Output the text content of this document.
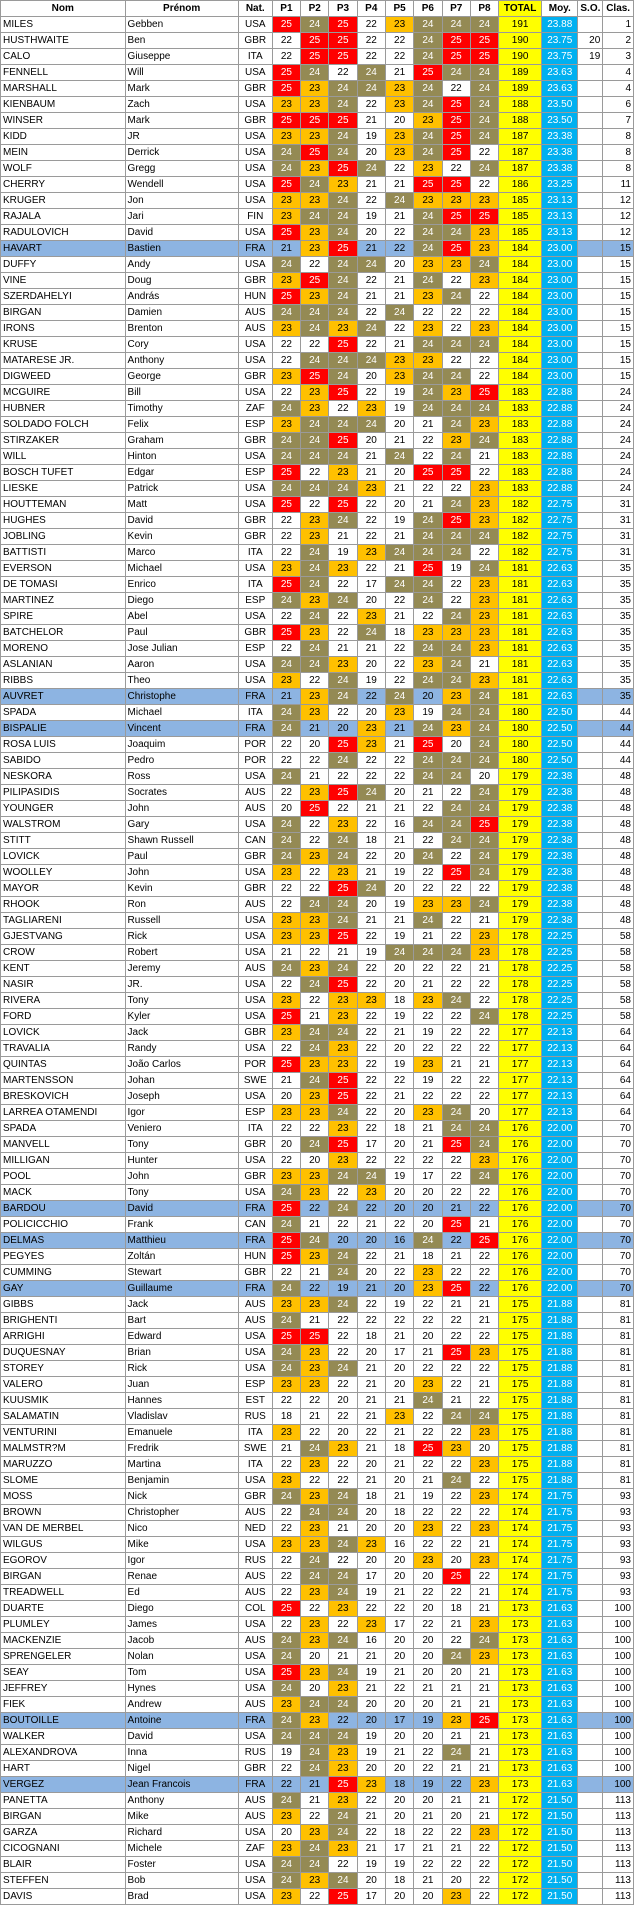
Nom	Prénom	Nat.	P1	P2	P3	P4	P5	P6	P7	P8	TOTAL	Moy.	S.O.	Clas.
MILES	Gebben	USA	25	24	25	22	23	24	24	24	191	23.88		1
HUSTHWAITE	Ben	GBR	22	25	25	22	22	24	25	25	190	23.75	20	2
CALO	Giuseppe	ITA	22	25	25	22	22	24	25	25	190	23.75	19	3
FENNELL	Will	USA	25	24	22	24	21	25	24	24	189	23.63		4
MARSHALL	Mark	GBR	25	23	24	24	23	24	22	24	189	23.63		4
KIENBAUM	Zach	USA	23	23	24	22	23	24	25	24	188	23.50		6
WINSER	Mark	GBR	25	25	25	21	20	23	25	24	188	23.50		7
KIDD	JR	USA	23	23	24	19	23	24	25	24	187	23.38		8
MEIN	Derrick	USA	24	25	24	20	23	24	25	22	187	23.38		8
WOLF	Gregg	USA	24	23	25	24	22	23	22	24	187	23.38		8
CHERRY	Wendell	USA	25	24	23	21	21	25	25	22	186	23.25		11
KRUGER	Jon	USA	23	23	24	22	24	23	23	23	185	23.13		12
RAJALA	Jari	FIN	23	24	24	19	21	24	25	25	185	23.13		12
RADULOVICH	David	USA	25	23	24	20	22	24	24	23	185	23.13		12
HAVART	Bastien	FRA	21	23	25	21	22	24	25	23	184	23.00		15
DUFFY	Andy	USA	24	22	24	24	20	23	23	24	184	23.00		15
VINE	Doug	GBR	23	25	24	22	21	24	22	23	184	23.00		15
SZERDAHELYI	András	HUN	25	23	24	21	21	23	24	22	184	23.00		15
BIRGAN	Damien	AUS	24	24	24	22	24	22	22	22	184	23.00		15
IRONS	Brenton	AUS	23	24	23	24	22	23	22	23	184	23.00		15
KRUSE	Cory	USA	22	22	25	22	21	24	24	24	184	23.00		15
MATARESE JR.	Anthony	USA	22	24	24	24	23	23	22	22	184	23.00		15
DIGWEED	George	GBR	23	25	24	20	23	24	24	22	184	23.00		15
MCGUIRE	Bill	USA	22	23	25	22	19	24	23	25	183	22.88		24
HUBNER	Timothy	ZAF	24	23	22	23	19	24	24	24	183	22.88		24
SOLDADO FOLCH	Felix	ESP	23	24	24	24	20	21	24	23	183	22.88		24
STIRZAKER	Graham	GBR	24	24	25	20	21	22	23	24	183	22.88		24
WILL	Hinton	USA	24	24	24	21	24	22	24	21	183	22.88		24
BOSCH TUFET	Edgar	ESP	25	22	23	21	20	25	25	22	183	22.88		24
LIESKE	Patrick	USA	24	24	24	23	21	22	22	23	183	22.88		24
HOUTTEMAN	Matt	USA	25	22	25	22	20	21	24	23	182	22.75		31
HUGHES	David	GBR	22	23	24	22	19	24	25	23	182	22.75		31
JOBLING	Kevin	GBR	22	23	21	22	21	24	24	24	182	22.75		31
BATTISTI	Marco	ITA	22	24	19	23	24	24	24	22	182	22.75		31
EVERSON	Michael	USA	23	24	23	22	21	25	19	24	181	22.63		35
DE TOMASI	Enrico	ITA	25	24	22	17	24	24	22	23	181	22.63		35
MARTINEZ	Diego	ESP	24	23	24	20	22	24	22	23	181	22.63		35
SPIRE	Abel	USA	22	24	22	23	21	22	24	23	181	22.63		35
BATCHELOR	Paul	GBR	25	23	22	24	18	23	23	23	181	22.63		35
MORENO	Jose Julian	ESP	22	24	21	21	22	24	24	23	181	22.63		35
ASLANIAN	Aaron	USA	24	24	23	20	22	23	24	21	181	22.63		35
RIBBS	Theo	USA	23	22	24	19	22	24	24	23	181	22.63		35
AUVRET	Christophe	FRA	21	23	24	22	24	20	23	24	181	22.63		35
SPADA	Michael	ITA	24	23	22	20	23	19	24	24	180	22.50		44
BISPALIE	Vincent	FRA	24	21	20	23	21	24	23	24	180	22.50		44
ROSA LUIS	Joaquim	POR	22	20	25	23	21	25	20	24	180	22.50		44
SABIDO	Pedro	POR	22	22	24	22	22	24	24	24	180	22.50		44
NESKORA	Ross	USA	24	21	22	22	22	24	24	20	179	22.38		48
PILIPASIDIS	Socrates	AUS	22	23	25	24	20	21	22	24	179	22.38		48
YOUNGER	John	AUS	20	25	22	21	21	22	24	24	179	22.38		48
WALSTROM	Gary	USA	24	22	23	22	16	24	24	25	179	22.38		48
STITT	Shawn Russell	CAN	24	22	24	18	21	22	24	24	179	22.38		48
LOVICK	Paul	GBR	24	23	24	22	20	24	22	24	179	22.38		48
WOOLLEY	John	USA	23	22	23	21	19	22	25	24	179	22.38		48
MAYOR	Kevin	GBR	22	22	25	24	20	22	22	22	179	22.38		48
RHOOK	Ron	AUS	22	24	24	20	19	23	23	24	179	22.38		48
TAGLIARENI	Russell	USA	23	23	24	21	21	24	22	21	179	22.38		48
GJESTVANG	Rick	USA	23	23	25	22	19	21	22	23	178	22.25		58
CROW	Robert	USA	21	22	21	19	24	24	24	23	178	22.25		58
KENT	Jeremy	AUS	24	23	24	22	20	22	22	21	178	22.25		58
NASIR	JR.	USA	22	24	25	22	20	21	22	22	178	22.25		58
RIVERA	Tony	USA	23	22	23	23	18	23	24	22	178	22.25		58
FORD	Kyler	USA	25	21	23	22	19	22	22	24	178	22.25		58
LOVICK	Jack	GBR	23	24	24	22	21	19	22	22	177	22.13		64
TRAVALIA	Randy	USA	22	24	23	22	20	22	22	22	177	22.13		64
QUINTAS	João Carlos	POR	25	23	23	22	19	23	21	21	177	22.13		64
MARTENSSON	Johan	SWE	21	24	25	22	22	19	22	22	177	22.13		64
BRESKOVICH	Joseph	USA	20	23	25	22	21	22	22	22	177	22.13		64
LARREA OTAMENDI	Igor	ESP	23	23	24	22	20	23	24	20	177	22.13		64
SPADA	Veniero	ITA	22	22	23	22	18	21	24	24	176	22.00		70
MANVELL	Tony	GBR	20	24	25	17	20	21	25	24	176	22.00		70
MILLIGAN	Hunter	USA	22	20	23	22	22	22	22	23	176	22.00		70
POOL	John	GBR	23	23	24	24	19	17	22	24	176	22.00		70
MACK	Tony	USA	24	23	22	23	20	20	22	22	176	22.00		70
BARDOU	David	FRA	25	22	24	22	20	20	21	22	176	22.00		70
POLICICCHIO	Frank	CAN	24	21	22	21	22	20	25	21	176	22.00		70
DELMAS	Matthieu	FRA	25	24	20	20	16	24	22	25	176	22.00		70
PEGYES	Zoltán	HUN	25	23	24	22	21	18	21	22	176	22.00		70
CUMMING	Stewart	GBR	22	21	24	20	22	23	22	22	176	22.00		70
GAY	Guillaume	FRA	24	22	19	21	20	23	25	22	176	22.00		70
GIBBS	Jack	AUS	23	23	24	22	19	22	21	21	175	21.88		81
BRIGHENTI	Bart	AUS	24	21	22	22	22	22	22	21	175	21.88		81
ARRIGHI	Edward	USA	25	25	22	18	21	20	22	22	175	21.88		81
DUQUESNAY	Brian	USA	24	23	22	20	17	21	25	23	175	21.88		81
STOREY	Rick	USA	24	23	24	21	20	22	22	22	175	21.88		81
VALERO	Juan	ESP	23	23	22	21	20	23	22	21	175	21.88		81
KUUSMIK	Hannes	EST	22	22	20	21	21	24	21	22	175	21.88		81
SALAMATIN	Vladislav	RUS	18	21	22	21	23	22	24	24	175	21.88		81
VENTURINI	Emanuele	ITA	23	22	20	22	21	22	22	23	175	21.88		81
MALMSTR?M	Fredrik	SWE	21	24	23	21	18	25	23	20	175	21.88		81
MARUZZO	Martina	ITA	22	23	22	20	21	22	22	23	175	21.88		81
SLOME	Benjamin	USA	23	22	22	21	20	21	24	22	175	21.88		81
MOSS	Nick	GBR	24	23	24	18	21	19	22	23	174	21.75		93
BROWN	Christopher	AUS	22	24	24	20	18	22	22	22	174	21.75		93
VAN DE MERBEL	Nico	NED	22	23	21	20	20	23	22	23	174	21.75		93
WILGUS	Mike	USA	23	23	24	23	16	22	22	21	174	21.75		93
EGOROV	Igor	RUS	22	24	22	20	20	23	20	23	174	21.75		93
BIRGAN	Renae	AUS	22	24	24	17	20	20	25	22	174	21.75		93
TREADWELL	Ed	AUS	22	23	24	19	21	22	22	21	174	21.75		93
DUARTE	Diego	COL	25	22	23	22	22	20	18	21	173	21.63		100
PLUMLEY	James	USA	22	23	22	23	17	22	21	23	173	21.63		100
MACKENZIE	Jacob	AUS	24	23	24	16	20	20	22	24	173	21.63		100
SPRENGELER	Nolan	USA	24	20	21	21	20	20	24	23	173	21.63		100
SEAY	Tom	USA	25	23	24	19	21	20	20	21	173	21.63		100
JEFFREY	Hynes	USA	24	20	23	21	22	21	21	21	173	21.63		100
FIEK	Andrew	AUS	23	24	24	20	20	20	21	21	173	21.63		100
BOUTOILLE	Antoine	FRA	24	23	22	20	17	19	23	25	173	21.63		100
WALKER	David	USA	24	24	24	19	20	20	21	21	173	21.63		100
ALEXANDROVA	Inna	RUS	19	24	23	19	21	22	24	21	173	21.63		100
HART	Nigel	GBR	22	24	23	20	20	22	21	21	173	21.63		100
VERGEZ	Jean Francois	FRA	22	21	25	23	18	19	22	23	173	21.63		100
PANETTA	Anthony	AUS	24	21	23	22	20	20	21	21	172	21.50		113
BIRGAN	Mike	AUS	23	22	24	21	20	21	20	21	172	21.50		113
GARZA	Richard	USA	20	23	24	22	18	22	22	23	172	21.50		113
CICOGNANI	Michele	ZAF	23	24	23	21	17	21	21	22	172	21.50		113
BLAIR	Foster	USA	24	24	22	19	19	22	22	22	172	21.50		113
STEFFEN	Bob	USA	24	23	24	20	18	21	20	22	172	21.50		113
DAVIS	Brad	USA	23	22	25	17	20	20	23	22	172	21.50		113
